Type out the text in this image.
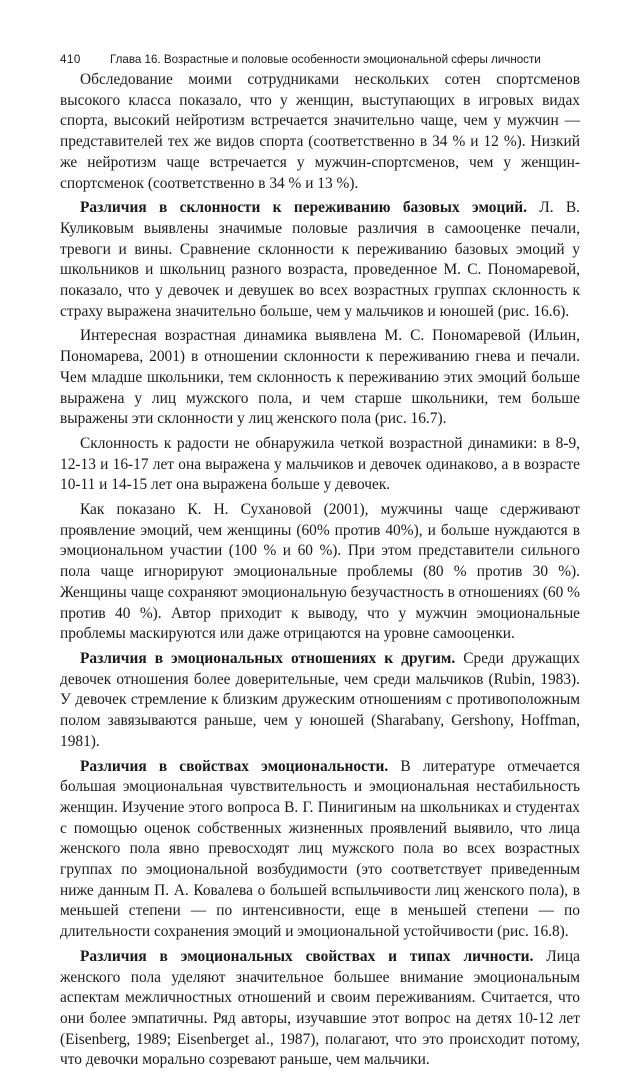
410	Глава 16. Возрастные и половые особенности эмоциональной сферы личности

Обследование моими сотрудниками нескольких сотен спортсменов высокого класса показало, что у женщин, выступающих в игровых видах спорта, высокий нейротизм встречается значительно чаще, чем у мужчин — представителей тех же видов спорта (соответственно в 34 % и 12 %). Низкий же нейротизм чаще встречается у мужчин-спортсменов, чем у женщин-спортсменок (соответственно в 34 % и 13 %).

Различия в склонности к переживанию базовых эмоций. Л. В. Куликовым выявлены значимые половые различия в самооценке печали, тревоги и вины. Сравнение склонности к переживанию базовых эмоций у школьников и школьниц разного возраста, проведенное М. С. Пономаревой, показало, что у девочек и девушек во всех возрастных группах склонность к страху выражена значительно больше, чем у мальчиков и юношей (рис. 16.6).

Интересная возрастная динамика выявлена М. С. Пономаревой (Ильин, Пономарева, 2001) в отношении склонности к переживанию гнева и печали. Чем младше школьники, тем склонность к переживанию этих эмоций больше выражена у лиц мужского пола, и чем старше школьники, тем больше выражены эти склонности у лиц женского пола (рис. 16.7).

Склонность к радости не обнаружила четкой возрастной динамики: в 8-9, 12-13 и 16-17 лет она выражена у мальчиков и девочек одинаково, а в возрасте 10-11 и 14-15 лет она выражена больше у девочек.

Как показано К. Н. Сухановой (2001), мужчины чаще сдерживают проявление эмоций, чем женщины (60% против 40%), и больше нуждаются в эмоциональном участии (100 % и 60 %). При этом представители сильного пола чаще игнорируют эмоциональные проблемы (80 % против 30 %). Женщины чаще сохраняют эмоциональную безучастность в отношениях (60 % против 40 %). Автор приходит к выводу, что у мужчин эмоциональные проблемы маскируются или даже отрицаются на уровне самооценки.

Различия в эмоциональных отношениях к другим. Среди дружащих девочек отношения более доверительные, чем среди мальчиков (Rubin, 1983). У девочек стремление к близким дружеским отношениям с противоположным полом завязываются раньше, чем у юношей (Sharabany, Gershony, Hoffman, 1981).

Различия в свойствах эмоциональности. В литературе отмечается большая эмоциональная чувствительность и эмоциональная нестабильность женщин. Изучение этого вопроса В. Г. Пинигиным на школьниках и студентах с помощью оценок собственных жизненных проявлений выявило, что лица женского пола явно превосходят лиц мужского пола во всех возрастных группах по эмоциональной возбудимости (это соответствует приведенным ниже данным П. А. Ковалева о большей вспыльчивости лиц женского пола), в меньшей степени — по интенсивности, еще в меньшей степени — по длительности сохранения эмоций и эмоциональной устойчивости (рис. 16.8).

Различия в эмоциональных свойствах и типах личности. Лица женского пола уделяют значительное большее внимание эмоциональным аспектам межличностных отношений и своим переживаниям. Считается, что они более эмпатичны. Ряд авторы, изучавшие этот вопрос на детях 10-12 лет (Eisenberg, 1989; Eisenberget al., 1987), полагают, что это происходит потому, что девочки морально созревают раньше, чем мальчики.
